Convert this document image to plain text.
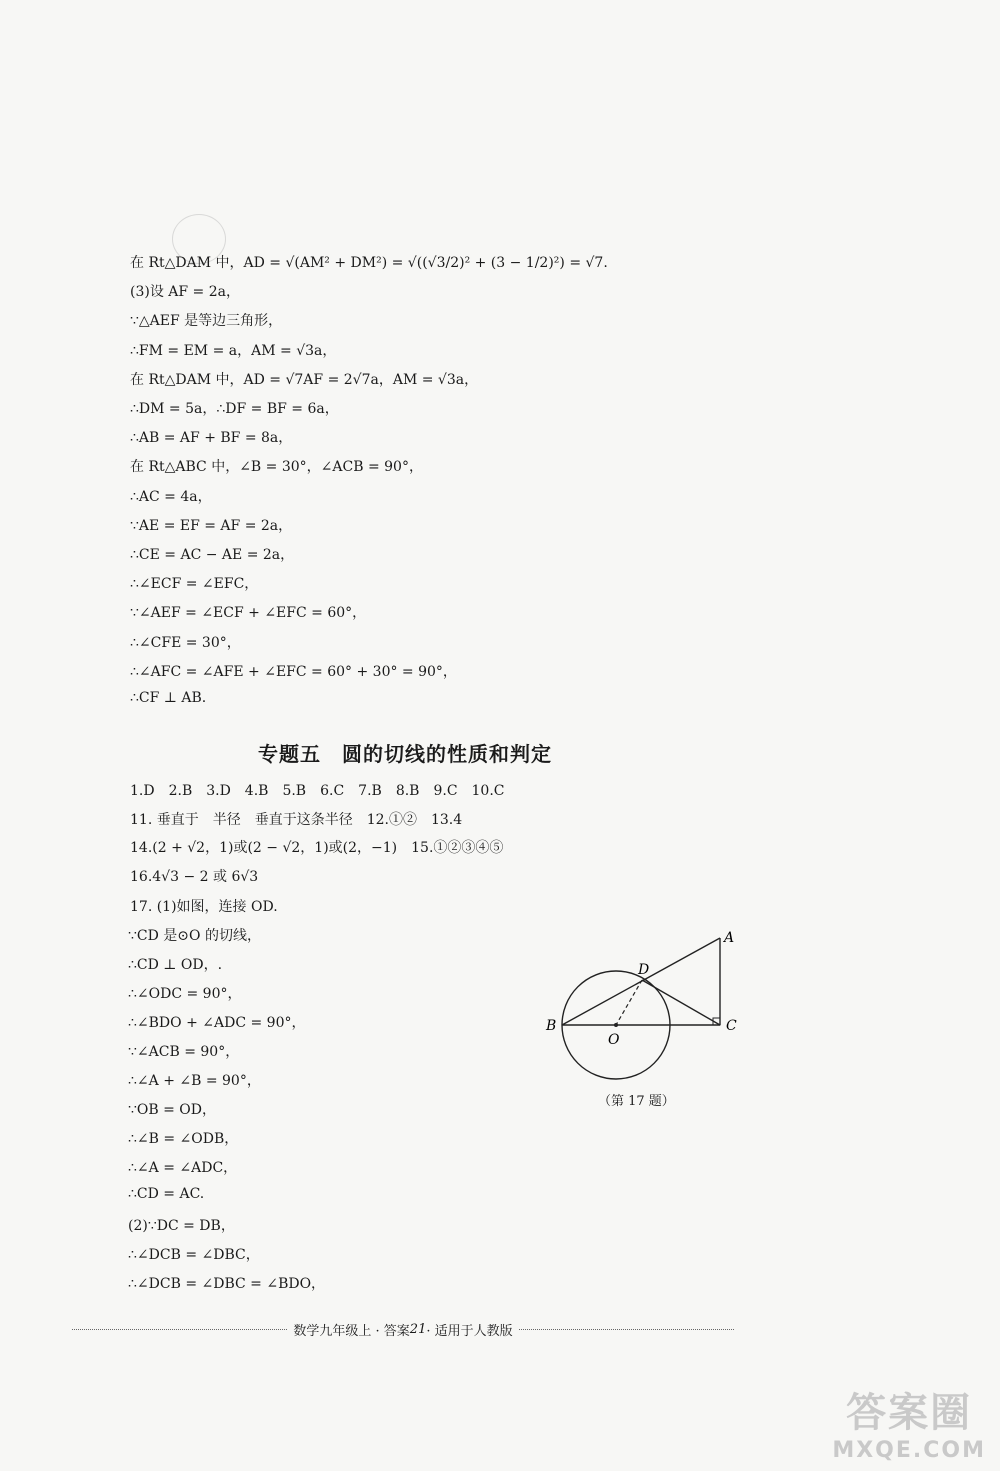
在 Rt△DAM 中，AD = √(AM² + DM²) = √((√3/2)² + (3 − 1/2)²) = √7.
(3)设 AF = 2a，
∵△AEF 是等边三角形，
∴FM = EM = a，AM = √3a，
在 Rt△DAM 中，AD = √7AF = 2√7a，AM = √3a，
∴DM = 5a，∴DF = BF = 6a，
∴AB = AF + BF = 8a，
在 Rt△ABC 中，∠B = 30°，∠ACB = 90°，
∴AC = 4a，
∵AE = EF = AF = 2a，
∴CE = AC − AE = 2a，
∴∠ECF = ∠EFC，
∵∠AEF = ∠ECF + ∠EFC = 60°，
∴∠CFE = 30°，
∴∠AFC = ∠AFE + ∠EFC = 60° + 30° = 90°，
∴CF ⊥ AB.
专题五　圆的切线的性质和判定
1.D　2.B　3.D　4.B　5.B　6.C　7.B　8.B　9.C　10.C
11. 垂直于　半径　垂直于这条半径　12.①②　13.4
14.(2 + √2，1)或(2 − √2，1)或(2，−1)　15.①②③④⑤
16.4√3 − 2 或 6√3
17. (1)如图，连接 OD.
∵CD 是⊙O 的切线，
∴CD ⊥ OD，.
∴∠ODC = 90°，
∴∠BDO + ∠ADC = 90°，
∵∠ACB = 90°，
∴∠A + ∠B = 90°，
∵OB = OD，
∴∠B = ∠ODB，
∴∠A = ∠ADC，
∴CD = AC.
(2)∵DC = DB，
∴∠DCB = ∠DBC，
∴∠DCB = ∠DBC = ∠BDO，
A
D
B
O
C
（第 17 题）
数学九年级上 · 答案 21 · 适用于人教版
答案圈
MXQE.COM
